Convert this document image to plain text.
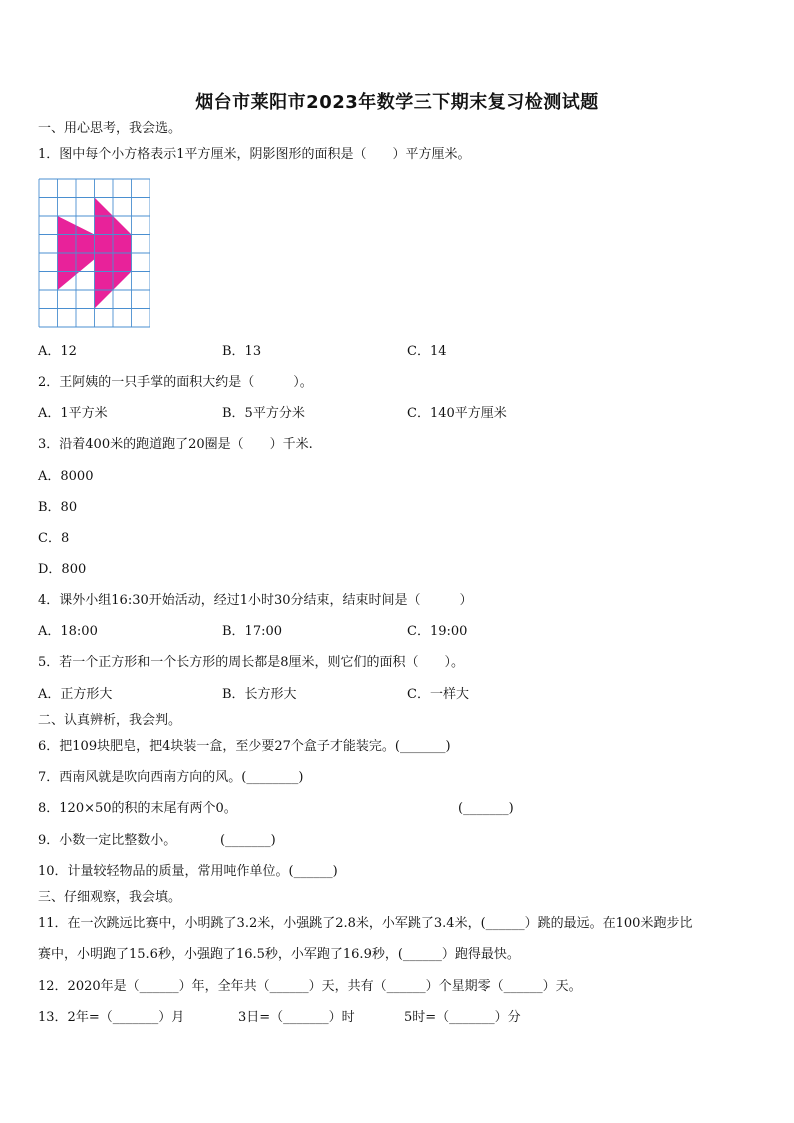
烟台市莱阳市2023年数学三下期末复习检测试题
一、用心思考，我会选。
1．图中每个小方格表示1平方厘米，阴影图形的面积是（　　）平方厘米。
A．12	B．13	C．14
2．王阿姨的一只手掌的面积大约是（　　　）。
A．1平方米	B．5平方分米	C．140平方厘米
3．沿着400米的跑道跑了20圈是（　　）千米.
A．8000
B．80
C．8
D．800
4．课外小组16:30开始活动，经过1小时30分结束，结束时间是（　　　）
A．18:00	B．17:00	C．19:00
5．若一个正方形和一个长方形的周长都是8厘米，则它们的面积（　　）。
A．正方形大	B．长方形大	C．一样大
二、认真辨析，我会判。
6．把109块肥皂，把4块装一盒，至少要27个盒子才能装完。(_______)
7．西南风就是吹向西南方向的风。(________)
8．120×50的积的末尾有两个0。	(_______)
9．小数一定比整数小。	(_______)
10．计量较轻物品的质量，常用吨作单位。(______)
三、仔细观察，我会填。
11．在一次跳远比赛中，小明跳了3.2米，小强跳了2.8米，小军跳了3.4米，(______）跳的最远。在100米跑步比
赛中，小明跑了15.6秒，小强跑了16.5秒，小军跑了16.9秒，(______）跑得最快。
12．2020年是（______）年，全年共（______）天，共有（______）个星期零（______）天。
13．2年=（_______）月	3日=（_______）时	5时=（_______）分
